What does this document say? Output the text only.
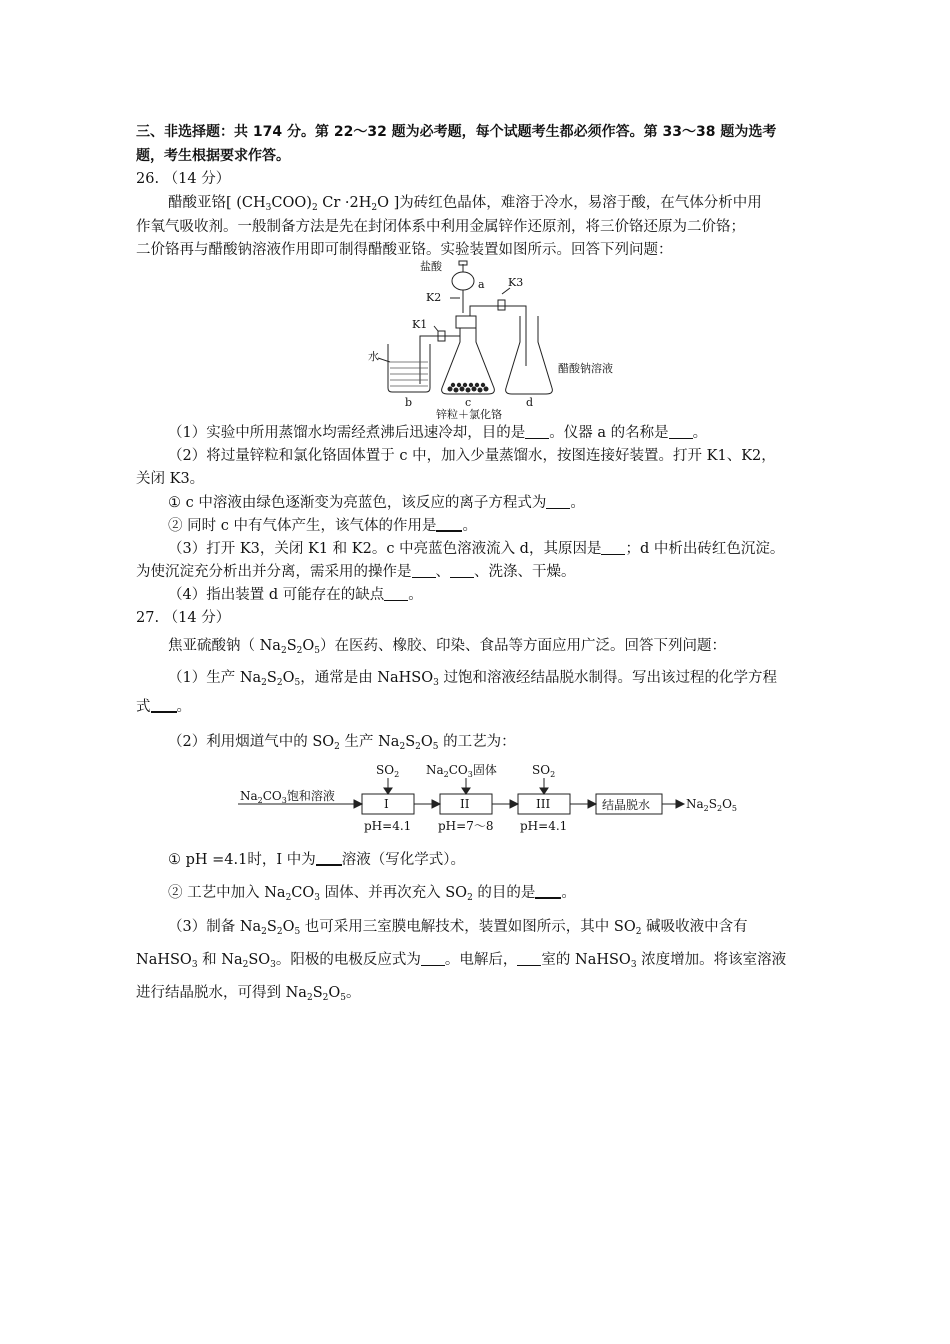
三、非选择题：共 174 分。第 22～32 题为必考题，每个试题考生都必须作答。第 33～38 题为选考
题，考生根据要求作答。
26. （14 分）
醋酸亚铬[ $(CH_3COO)_2$ $Cr \cdot 2H_2O$ ]为砖红色晶体，难溶于冷水，易溶于酸，在气体分析中用
作氧气吸收剂。一般制备方法是先在封闭体系中利用金属锌作还原剂，将三价铬还原为二价铬；
二价铬再与醋酸钠溶液作用即可制得醋酸亚铬。实验装置如图所示。回答下列问题：
盐酸
a K3
K2
K1
水
b	c	d
醋酸钠溶液
锌粒＋氯化铬
（1）实验中所用蒸馏水均需经煮沸后迅速冷却，目的是 。仪器 a 的名称是 。
（2）将过量锌粒和氯化铬固体置于 c 中，加入少量蒸馏水，按图连接好装置。打开 K1、K2，
关闭 K3。
① c 中溶液由绿色逐渐变为亮蓝色，该反应的离子方程式为 。
② 同时 c 中有气体产生，该气体的作用是 。
（3）打开 K3，关闭 K1 和 K2。c 中亮蓝色溶液流入 d，其原因是 ；d 中析出砖红色沉淀。
为使沉淀充分析出并分离，需采用的操作是 、 、洗涤、干燥。
（4）指出装置 d 可能存在的缺点 。
27. （14 分）
焦亚硫酸钠（ $Na_2S_2O_5$）在医药、橡胶、印染、食品等方面应用广泛。回答下列问题：
（1）生产 $Na_2S_2O_5$，通常是由 NaHSO$_3$ 过饱和溶液经结晶脱水制得。写出该过程的化学方程
式 。
（2）利用烟道气中的 $SO_2$ 生产 $Na_2S_2O_5$ 的工艺为：
$SO_2$ $Na_2CO_3$固体	$SO_2$
$Na_2CO_3$饱和溶液
I	II	III	结晶脱水
pH=4.1 pH=7～8 pH=4.1
$Na_2S_2O_5$
① pH =4.1时，I 中为 溶液（写化学式）。
② 工艺中加入 $Na_2CO_3$ 固体、并再次充入 $SO_2$ 的目的是 。
（3）制备 $Na_2S_2O_5$ 也可采用三室膜电解技术，装置如图所示，其中 $SO_2$ 碱吸收液中含有
NaHSO$_3$ 和 $Na_2SO_3$。阳极的电极反应式为 。电解后， 室的 NaHSO$_3$ 浓度增加。将该室溶液
进行结晶脱水，可得到 $Na_2S_2O_5$。
